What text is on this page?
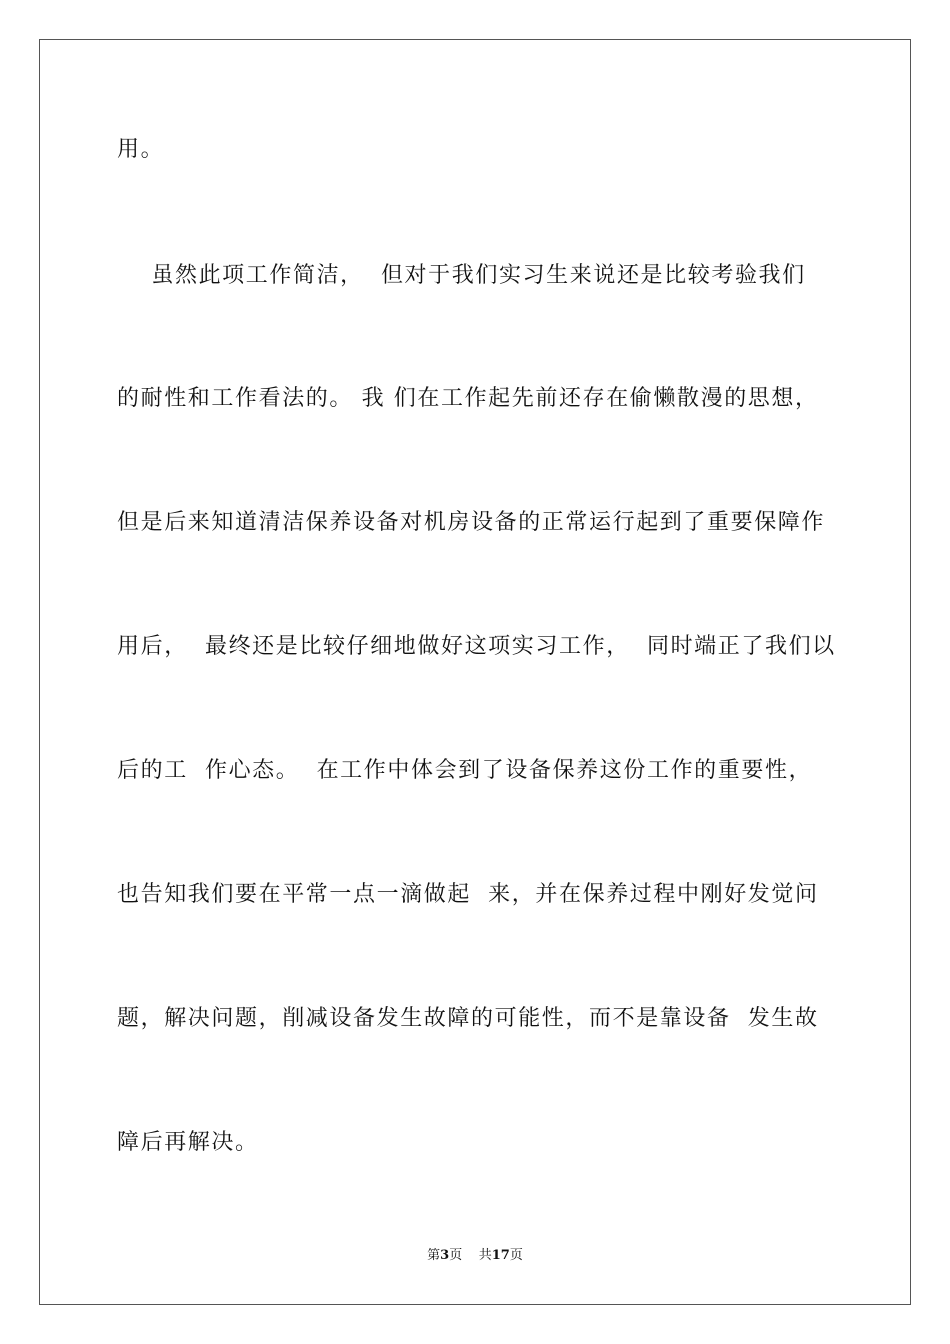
用。
虽然此项工作简洁，  但对于我们实习生来说还是比较考验我们
的耐性和工作看法的。 我 们在工作起先前还存在偷懒散漫的思想，
但是后来知道清洁保养设备对机房设备的正常运行起到了重要保障作
用后，  最终还是比较仔细地做好这项实习工作，  同时端正了我们以
后的工  作心态。  在工作中体会到了设备保养这份工作的重要性，
也告知我们要在平常一点一滴做起  来，并在保养过程中刚好发觉问
题，解决问题，削减设备发生故障的可能性，而不是靠设备  发生故
障后再解决。
第3页 共17页
